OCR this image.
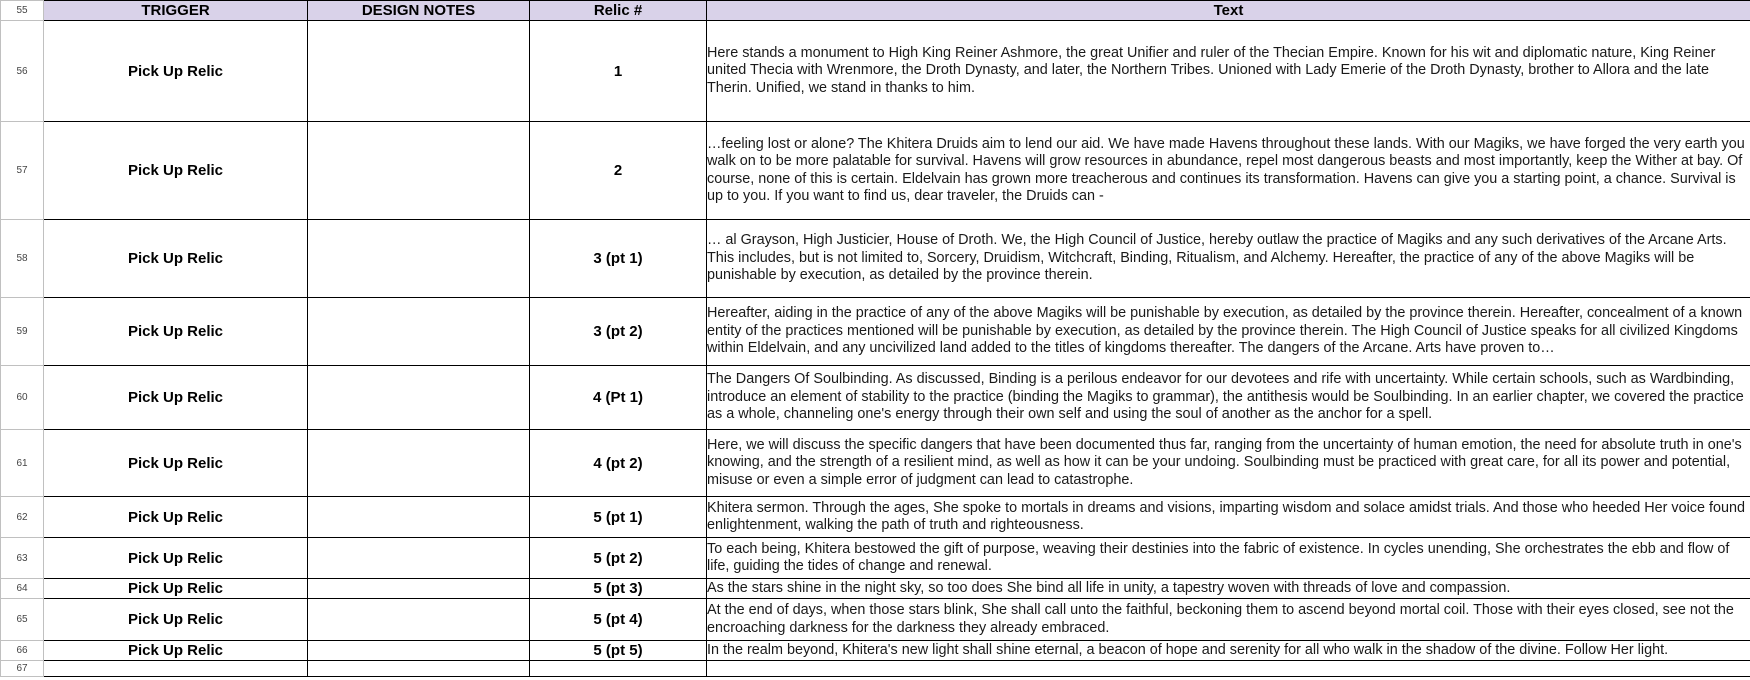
55	TRIGGER	DESIGN NOTES	Relic #	Text
56	Pick Up Relic		1	Here stands a monument to High King Reiner Ashmore, the great Unifier and ruler of the Thecian Empire. Known for his wit and diplomatic nature, King Reiner united Thecia with Wrenmore, the Droth Dynasty, and later, the Northern Tribes. Unioned with Lady Emerie of the Droth Dynasty, brother to Allora and the late Therin. Unified, we stand in thanks to him.
57	Pick Up Relic		2	…feeling lost or alone? The Khitera Druids aim to lend our aid. We have made Havens throughout these lands. With our Magiks, we have forged the very earth you walk on to be more palatable for survival. Havens will grow resources in abundance, repel most dangerous beasts and most importantly, keep the Wither at bay. Of course, none of this is certain. Eldelvain has grown more treacherous and continues its transformation. Havens can give you a starting point, a chance. Survival is up to you. If you want to find us, dear traveler, the Druids can -
58	Pick Up Relic		3 (pt 1)	… al Grayson, High Justicier, House of Droth. We, the High Council of Justice, hereby outlaw the practice of Magiks and any such derivatives of the Arcane Arts. This includes, but is not limited to, Sorcery, Druidism, Witchcraft, Binding, Ritualism, and Alchemy. Hereafter, the practice of any of the above Magiks will be punishable by execution, as detailed by the province therein.
59	Pick Up Relic		3 (pt 2)	Hereafter, aiding in the practice of any of the above Magiks will be punishable by execution, as detailed by the province therein. Hereafter, concealment of a known entity of the practices mentioned will be punishable by execution, as detailed by the province therein. The High Council of Justice speaks for all civilized Kingdoms within Eldelvain, and any uncivilized land added to the titles of kingdoms thereafter. The dangers of the Arcane. Arts have proven to…
60	Pick Up Relic		4 (Pt 1)	The Dangers Of Soulbinding. As discussed, Binding is a perilous endeavor for our devotees and rife with uncertainty. While certain schools, such as Wardbinding, introduce an element of stability to the practice (binding the Magiks to grammar), the antithesis would be Soulbinding. In an earlier chapter, we covered the practice as a whole, channeling one's energy through their own self and using the soul of another as the anchor for a spell.
61	Pick Up Relic		4 (pt 2)	Here, we will discuss the specific dangers that have been documented thus far, ranging from the uncertainty of human emotion, the need for absolute truth in one's knowing, and the strength of a resilient mind, as well as how it can be your undoing. Soulbinding must be practiced with great care, for all its power and potential, misuse or even a simple error of judgment can lead to catastrophe.
62	Pick Up Relic		5 (pt 1)	Khitera sermon. Through the ages, She spoke to mortals in dreams and visions, imparting wisdom and solace amidst trials. And those who heeded Her voice found enlightenment, walking the path of truth and righteousness.
63	Pick Up Relic		5 (pt 2)	To each being, Khitera bestowed the gift of purpose, weaving their destinies into the fabric of existence. In cycles unending, She orchestrates the ebb and flow of life, guiding the tides of change and renewal.
64	Pick Up Relic		5 (pt 3)	As the stars shine in the night sky, so too does She bind all life in unity, a tapestry woven with threads of love and compassion.
65	Pick Up Relic		5 (pt 4)	At the end of days, when those stars blink, She shall call unto the faithful, beckoning them to ascend beyond mortal coil. Those with their eyes closed, see not the encroaching darkness for the darkness they already embraced.
66	Pick Up Relic		5 (pt 5)	In the realm beyond, Khitera's new light shall shine eternal, a beacon of hope and serenity for all who walk in the shadow of the divine. Follow Her light.
67				
